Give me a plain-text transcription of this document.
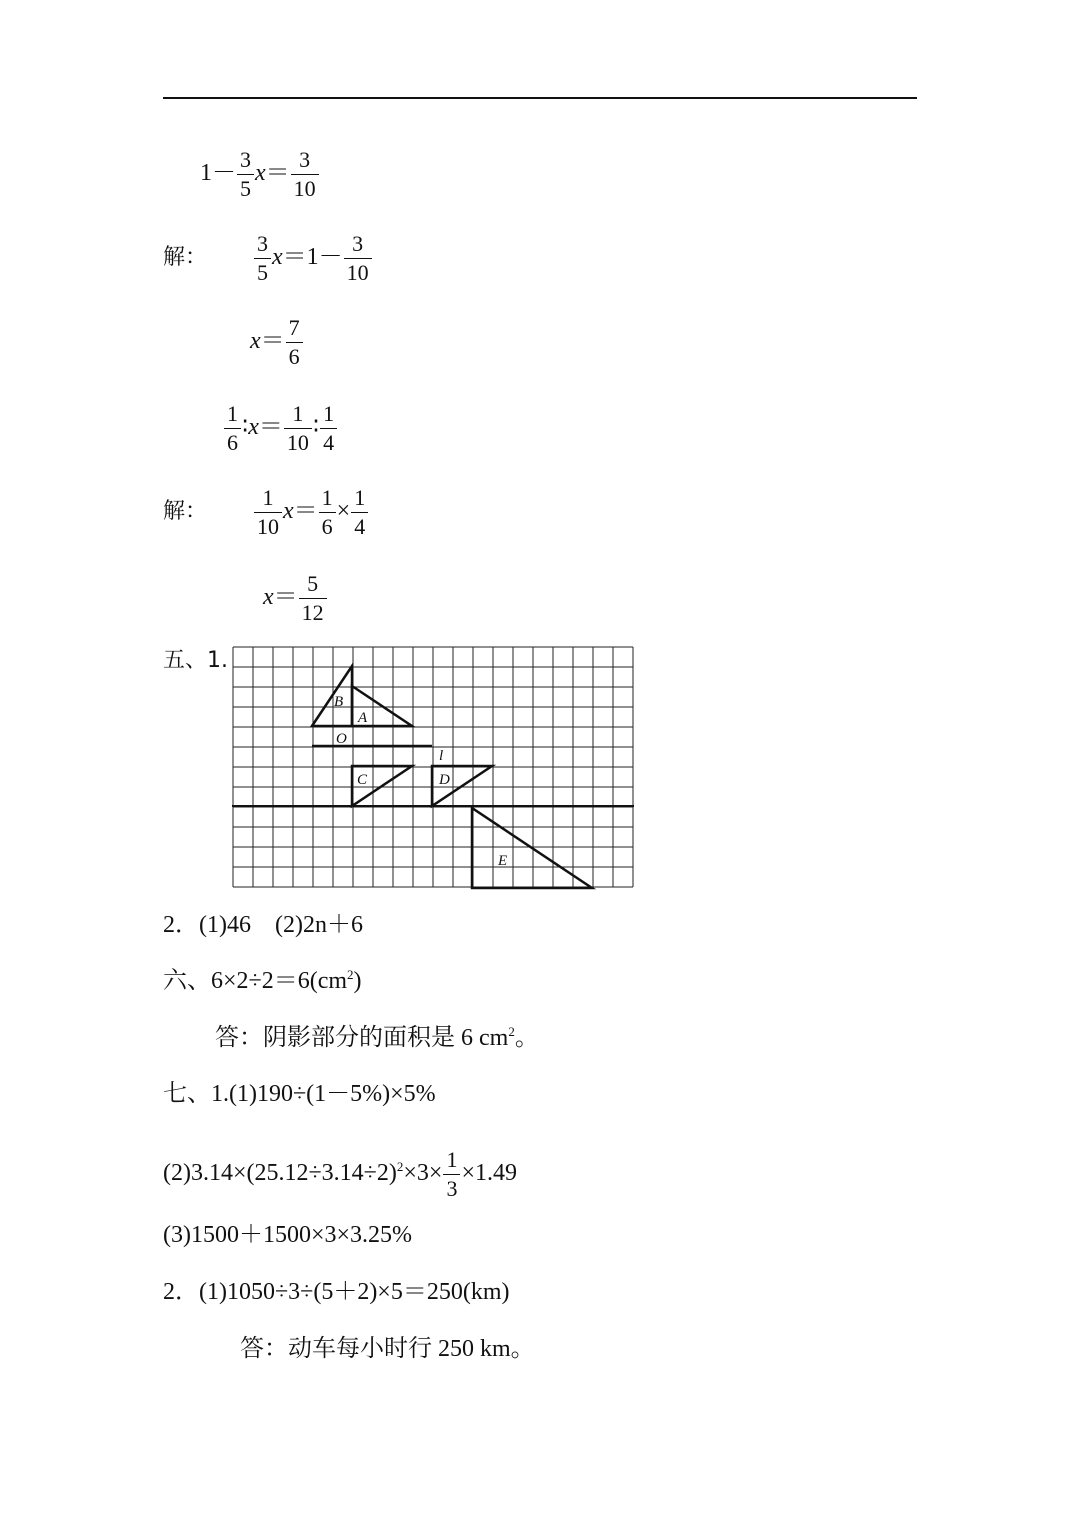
$1- \frac{3}{5} x= \frac{3}{10}$
解： $\frac{3}{5} x=1- \frac{3}{10}$
$x= \frac{7}{6}$
$\frac{1}{6}$ ∶x＝ $\frac{1}{10}$ ∶ $\frac{1}{4}$
解： $\frac{1}{10} x= \frac{1}{6} \times \frac{1}{4}$
$x= \frac{5}{12}$
五、1.
B
A
O
l
C	D
E
2．(1)46　(2)2n＋6
六、$6\times 2\div 2=6(cm^2)$
答：阴影部分的面积是 6 $cm^2$。
七、1.(1)190÷(1－5%)×5%
$(2)3.14\times(25.12\div 3.14\div 2)^2\times 3\times \frac{1}{3} \times 1.49$
(3)1500＋1500×3×3.25%
2．(1)1050÷3÷(5＋2)×5＝250(km)
答：动车每小时行 250 km。
